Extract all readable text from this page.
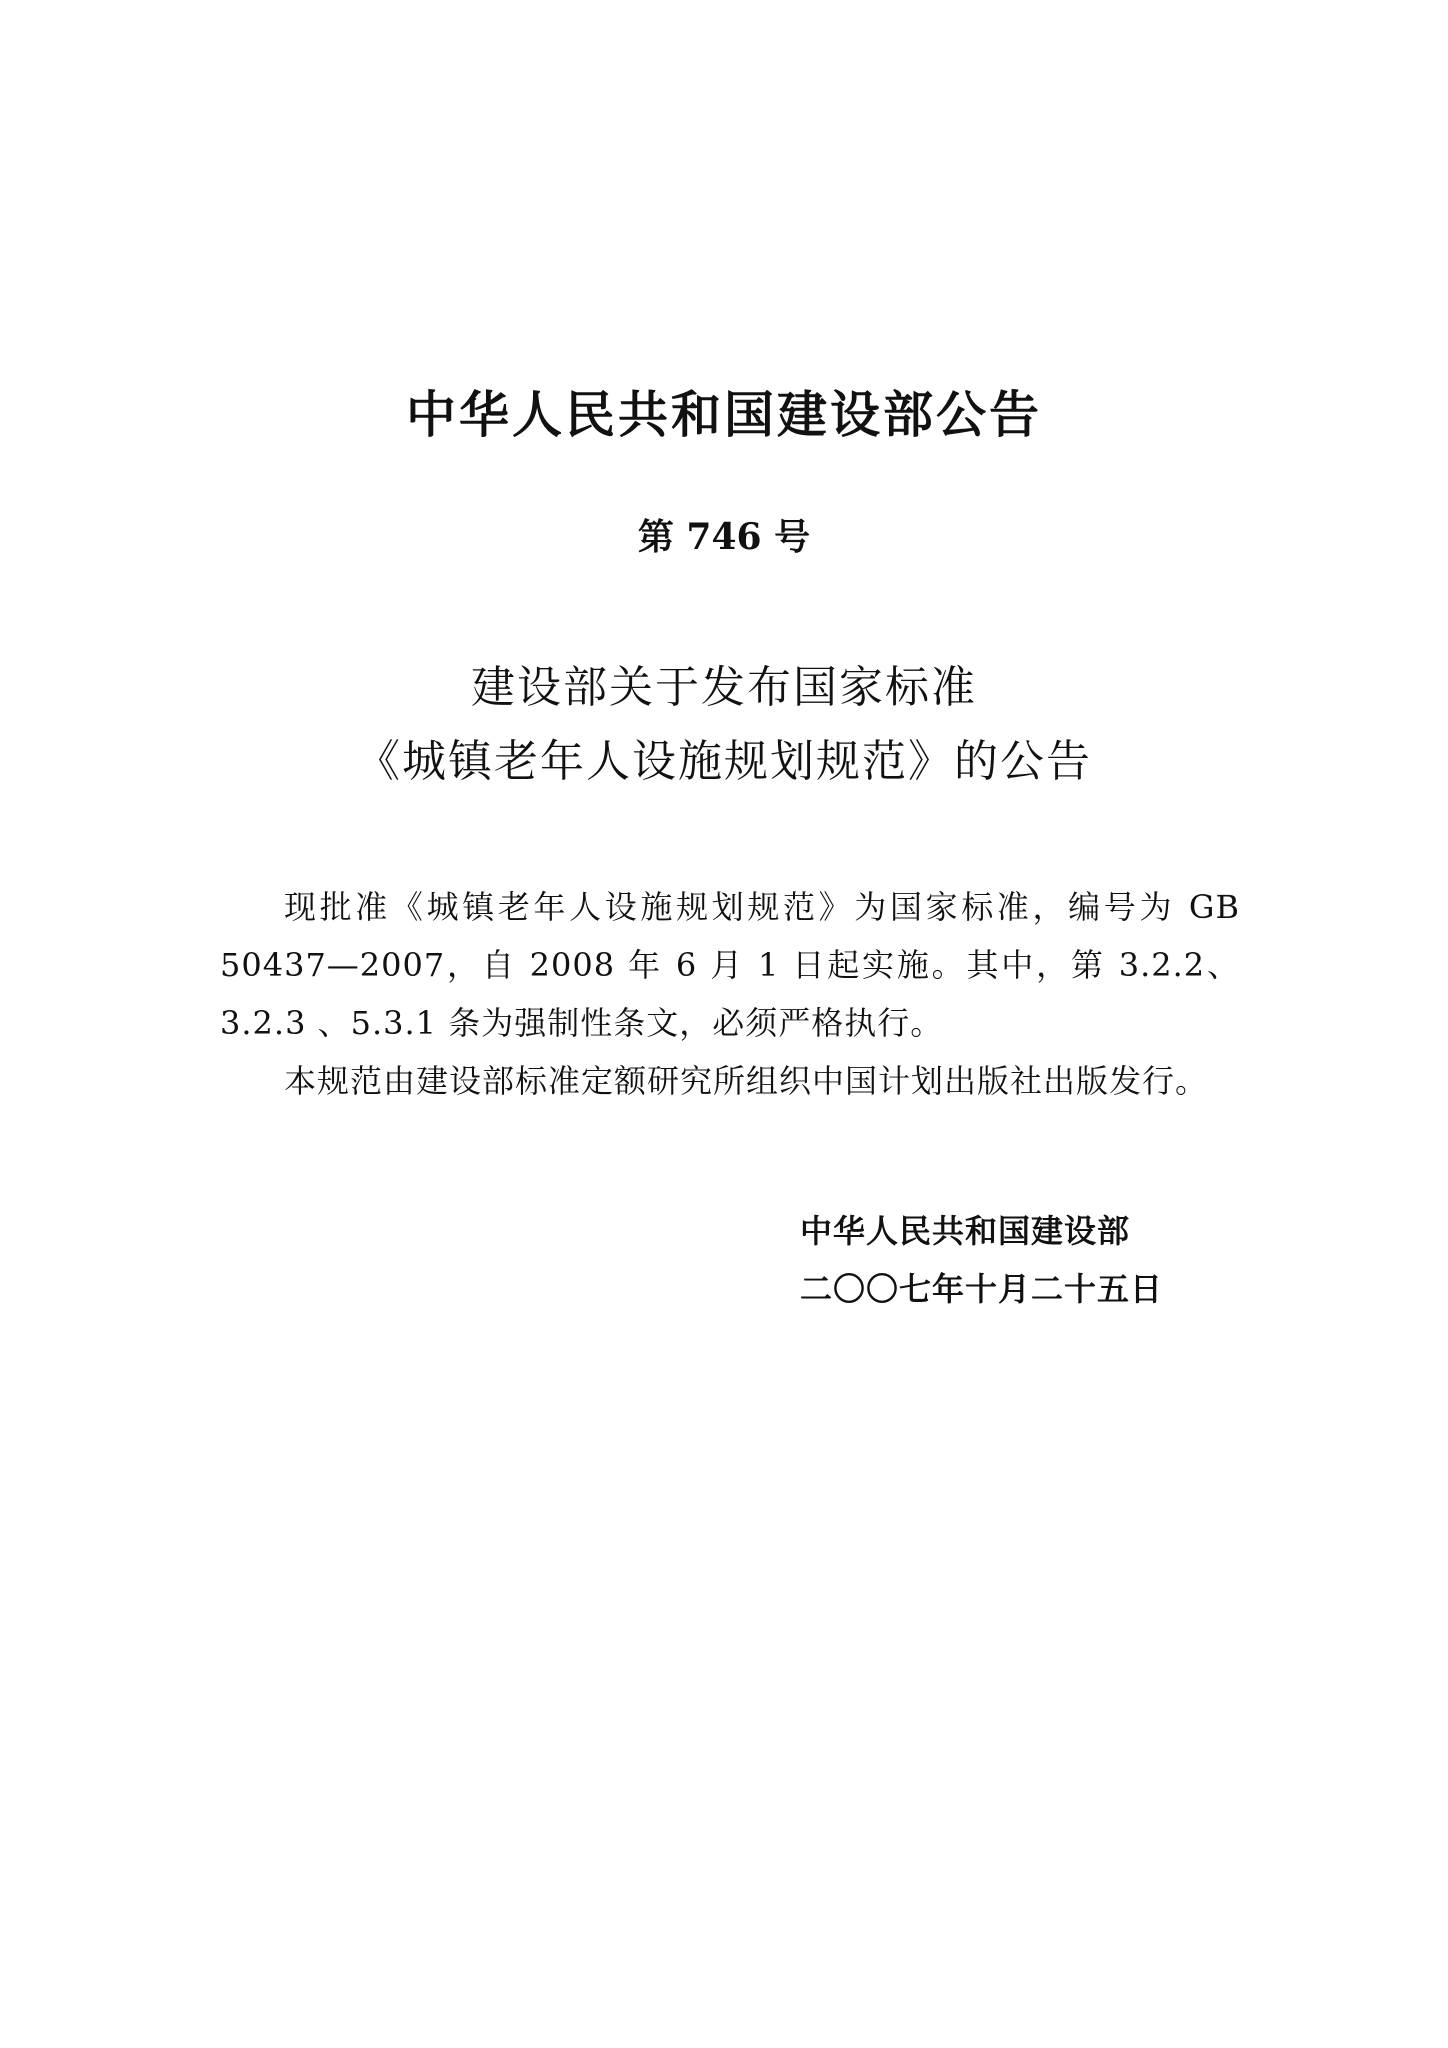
中华人民共和国建设部公告
第 746 号
建设部关于发布国家标准
《城镇老年人设施规划规范》的公告

现批准《城镇老年人设施规划规范》为国家标准，编号为 GB 50437—2007，自 2008 年 6 月 1 日起实施。其中，第 3.2.2、3.2.3 、5.3.1 条为强制性条文，必须严格执行。

本规范由建设部标准定额研究所组织中国计划出版社出版发行。

中华人民共和国建设部
二〇〇七年十月二十五日
